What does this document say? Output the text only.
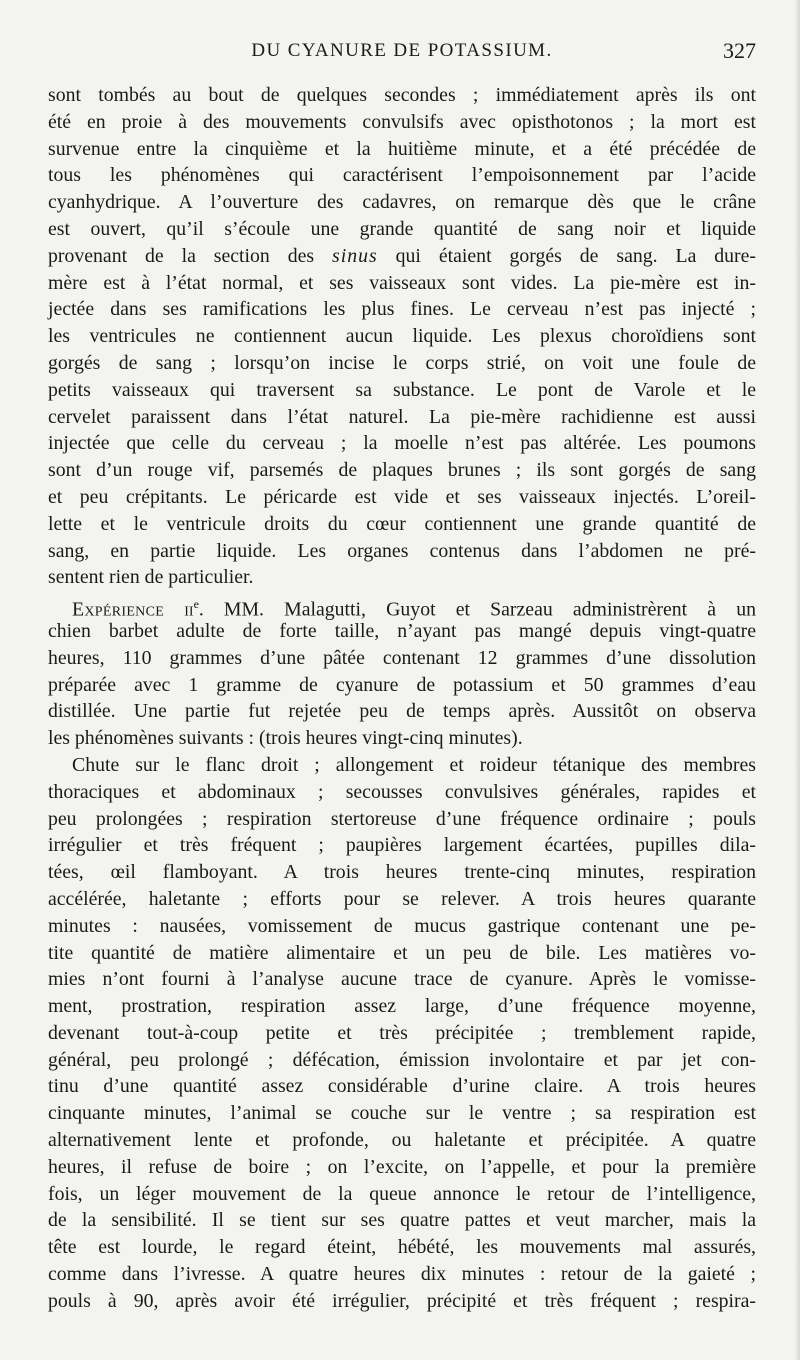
DU CYANURE DE POTASSIUM.	327
sont tombés au bout de quelques secondes ; immédiatement après ils ont
été en proie à des mouvements convulsifs avec opisthotonos ; la mort est
survenue entre la cinquième et la huitième minute, et a été précédée de
tous les phénomènes qui caractérisent l’empoisonnement par l’acide
cyanhydrique. A l’ouverture des cadavres, on remarque dès que le crâne
est ouvert, qu’il s’écoule une grande quantité de sang noir et liquide
provenant de la section des sinus qui étaient gorgés de sang. La dure-
mère est à l’état normal, et ses vaisseaux sont vides. La pie-mère est in-
jectée dans ses ramifications les plus fines. Le cerveau n’est pas injecté ;
les ventricules ne contiennent aucun liquide. Les plexus choroïdiens sont
gorgés de sang ; lorsqu’on incise le corps strié, on voit une foule de
petits vaisseaux qui traversent sa substance. Le pont de Varole et le
cervelet paraissent dans l’état naturel. La pie-mère rachidienne est aussi
injectée que celle du cerveau ; la moelle n’est pas altérée. Les poumons
sont d’un rouge vif, parsemés de plaques brunes ; ils sont gorgés de sang
et peu crépitants. Le péricarde est vide et ses vaisseaux injectés. L’oreil-
lette et le ventricule droits du cœur contiennent une grande quantité de
sang, en partie liquide. Les organes contenus dans l’abdomen ne pré-
sentent rien de particulier.
Expérience $ii^e$. MM. Malagutti, Guyot et Sarzeau administrèrent à un
chien barbet adulte de forte taille, n’ayant pas mangé depuis vingt-quatre
heures, 110 grammes d’une pâtée contenant 12 grammes d’une dissolution
préparée avec 1 gramme de cyanure de potassium et 50 grammes d’eau
distillée. Une partie fut rejetée peu de temps après. Aussitôt on observa
les phénomènes suivants : (trois heures vingt-cinq minutes).
Chute sur le flanc droit ; allongement et roideur tétanique des membres
thoraciques et abdominaux ; secousses convulsives générales, rapides et
peu prolongées ; respiration stertoreuse d’une fréquence ordinaire ; pouls
irrégulier et très fréquent ; paupières largement écartées, pupilles dila-
tées, œil flamboyant. A trois heures trente-cinq minutes, respiration
accélérée, haletante ; efforts pour se relever. A trois heures quarante
minutes : nausées, vomissement de mucus gastrique contenant une pe-
tite quantité de matière alimentaire et un peu de bile. Les matières vo-
mies n’ont fourni à l’analyse aucune trace de cyanure. Après le vomisse-
ment, prostration, respiration assez large, d’une fréquence moyenne,
devenant tout-à-coup petite et très précipitée ; tremblement rapide,
général, peu prolongé ; défécation, émission involontaire et par jet con-
tinu d’une quantité assez considérable d’urine claire. A trois heures
cinquante minutes, l’animal se couche sur le ventre ; sa respiration est
alternativement lente et profonde, ou haletante et précipitée. A quatre
heures, il refuse de boire ; on l’excite, on l’appelle, et pour la première
fois, un léger mouvement de la queue annonce le retour de l’intelligence,
de la sensibilité. Il se tient sur ses quatre pattes et veut marcher, mais la
tête est lourde, le regard éteint, hébété, les mouvements mal assurés,
comme dans l’ivresse. A quatre heures dix minutes : retour de la gaieté ;
pouls à 90, après avoir été irrégulier, précipité et très fréquent ; respira-
